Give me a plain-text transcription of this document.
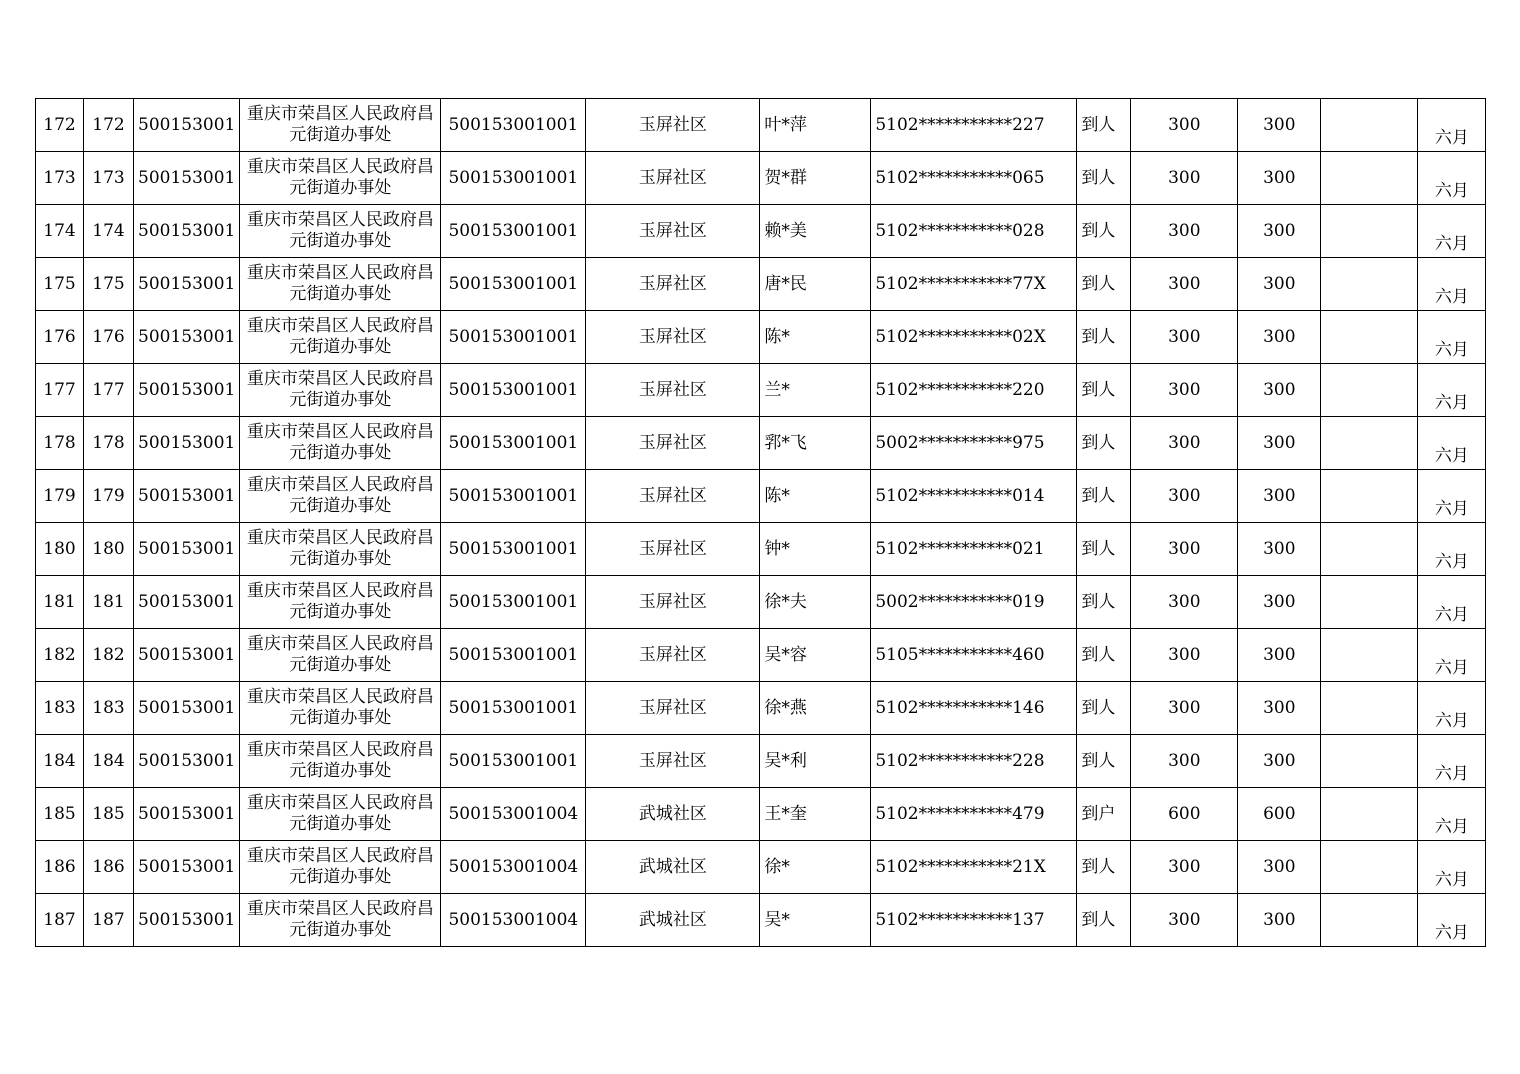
172	172	500153001	重庆市荣昌区人民政府昌元街道办事处	500153001001	玉屏社区	叶*萍	5102***********227	到人	300	300		六月
173	173	500153001	重庆市荣昌区人民政府昌元街道办事处	500153001001	玉屏社区	贺*群	5102***********065	到人	300	300		六月
174	174	500153001	重庆市荣昌区人民政府昌元街道办事处	500153001001	玉屏社区	赖*美	5102***********028	到人	300	300		六月
175	175	500153001	重庆市荣昌区人民政府昌元街道办事处	500153001001	玉屏社区	唐*民	5102***********77X	到人	300	300		六月
176	176	500153001	重庆市荣昌区人民政府昌元街道办事处	500153001001	玉屏社区	陈*	5102***********02X	到人	300	300		六月
177	177	500153001	重庆市荣昌区人民政府昌元街道办事处	500153001001	玉屏社区	兰*	5102***********220	到人	300	300		六月
178	178	500153001	重庆市荣昌区人民政府昌元街道办事处	500153001001	玉屏社区	郛*飞	5002***********975	到人	300	300		六月
179	179	500153001	重庆市荣昌区人民政府昌元街道办事处	500153001001	玉屏社区	陈*	5102***********014	到人	300	300		六月
180	180	500153001	重庆市荣昌区人民政府昌元街道办事处	500153001001	玉屏社区	钟*	5102***********021	到人	300	300		六月
181	181	500153001	重庆市荣昌区人民政府昌元街道办事处	500153001001	玉屏社区	徐*夫	5002***********019	到人	300	300		六月
182	182	500153001	重庆市荣昌区人民政府昌元街道办事处	500153001001	玉屏社区	吴*容	5105***********460	到人	300	300		六月
183	183	500153001	重庆市荣昌区人民政府昌元街道办事处	500153001001	玉屏社区	徐*燕	5102***********146	到人	300	300		六月
184	184	500153001	重庆市荣昌区人民政府昌元街道办事处	500153001001	玉屏社区	吴*利	5102***********228	到人	300	300		六月
185	185	500153001	重庆市荣昌区人民政府昌元街道办事处	500153001004	武城社区	王*奎	5102***********479	到户	600	600		六月
186	186	500153001	重庆市荣昌区人民政府昌元街道办事处	500153001004	武城社区	徐*	5102***********21X	到人	300	300		六月
187	187	500153001	重庆市荣昌区人民政府昌元街道办事处	500153001004	武城社区	吴*	5102***********137	到人	300	300		六月
